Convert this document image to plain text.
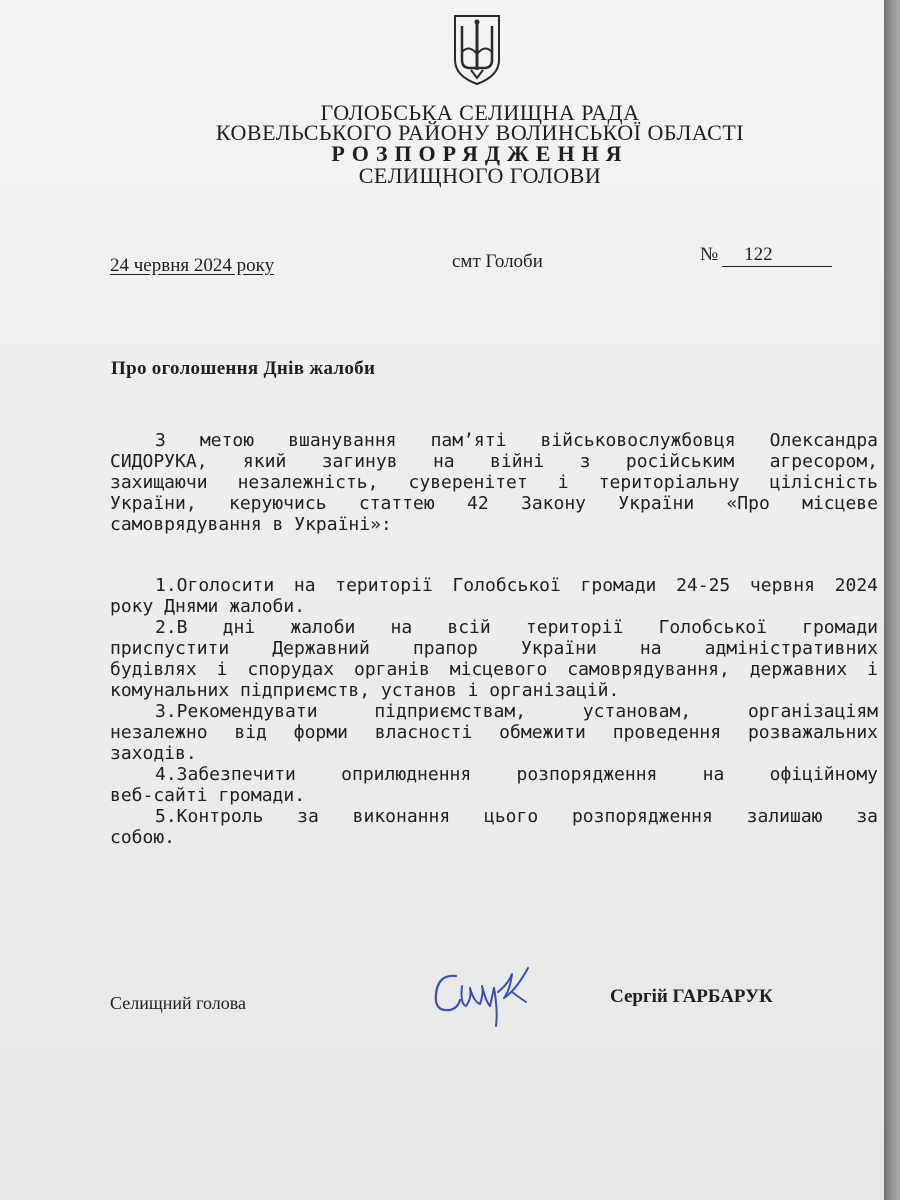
ГОЛОБСЬКА СЕЛИЩНА РАДА
КОВЕЛЬСЬКОГО РАЙОНУ ВОЛИНСЬКОЇ ОБЛАСТІ
РОЗПОРЯДЖЕННЯ
СЕЛИЩНОГО ГОЛОВИ
24 червня 2024 року	смт Голоби	№ 122
Про оголошення Днів жалоби
З метою вшанування пам’яті військовослужбовця Олександра
СИДОРУКА, який загинув на війні з російським агресором,
захищаючи незалежність, суверенітет і територіальну цілісність
України, керуючись статтею 42 Закону України «Про місцеве
самоврядування в Україні»:
1.Оголосити на території Голобської громади 24-25 червня 2024
року Днями жалоби.
2.В дні жалоби на всій території Голобської громади
приспустити Державний прапор України на адміністративних
будівлях і спорудах органів місцевого самоврядування, державних і
комунальних підприємств, установ і організацій.
3.Рекомендувати підприємствам, установам, організаціям
незалежно від форми власності обмежити проведення розважальних
заходів.
4.Забезпечити оприлюднення розпорядження на офіційному
веб-сайті громади.
5.Контроль за виконання цього розпорядження залишаю за
собою.
Селищний голова	Сергій ГАРБАРУК
